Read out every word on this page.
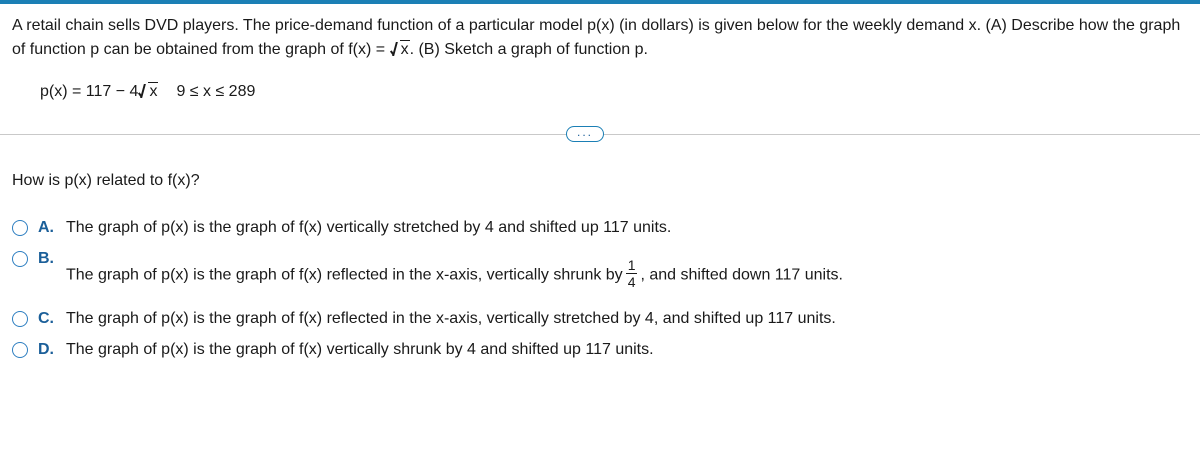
A retail chain sells DVD players. The price-demand function of a particular model p(x) (in dollars) is given below for the weekly demand x. (A) Describe how the graph of function p can be obtained from the graph of f(x) =
x. (B) Sketch a graph of function p.
p(x) = 117 − 4 x 9 ≤ x ≤ 289
...
How is p(x) related to f(x)?
A. The graph of p(x) is the graph of f(x) vertically stretched by 4 and shifted up 117 units.
B.
The graph of p(x) is the graph of f(x) reflected in the x-axis, vertically shrunk by $\frac{1}{4}$ , and shifted down 117 units.
C. The graph of p(x) is the graph of f(x) reflected in the x-axis, vertically stretched by 4, and shifted up 117 units.
D. The graph of p(x) is the graph of f(x) vertically shrunk by 4 and shifted up 117 units.
